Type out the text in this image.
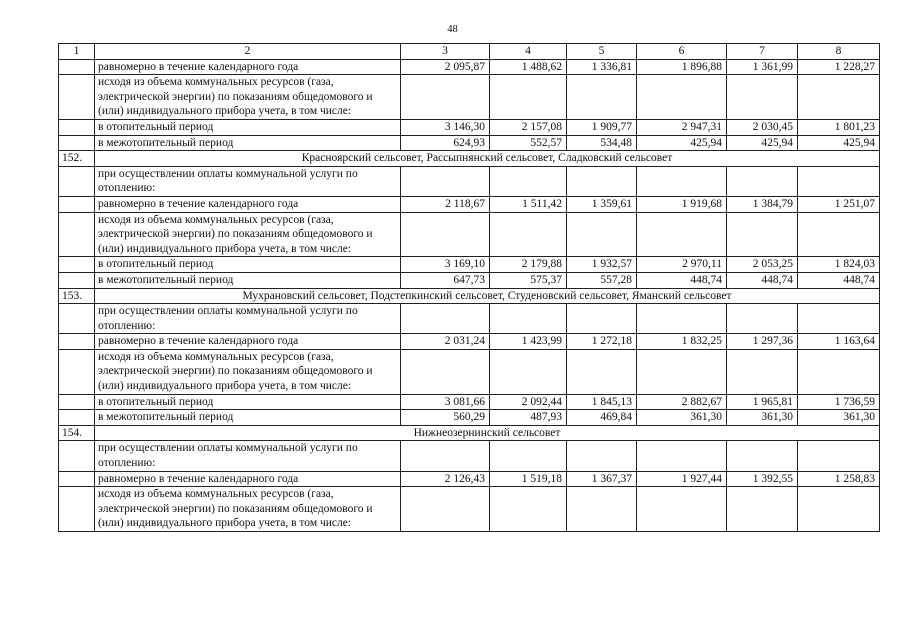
48
1	2	3	4	5	6	7	8
	равномерно в течение календарного года	2 095,87	1 488,62	1 336,81	1 896,88	1 361,99	1 228,27
	исходя из объема коммунальных ресурсов (газа, электрической энергии) по показаниям общедомового и (или) индивидуального прибора учета, в том числе:						
	в отопительный период	3 146,30	2 157,08	1 909,77	2 947,31	2 030,45	1 801,23
	в межотопительный период	624,93	552,57	534,48	425,94	425,94	425,94
152.	Красноярский сельсовет, Рассыпнянский сельсовет, Сладковский сельсовет						
	при осуществлении оплаты коммунальной услуги по отоплению:						
	равномерно в течение календарного года	2 118,67	1 511,42	1 359,61	1 919,68	1 384,79	1 251,07
	исходя из объема коммунальных ресурсов (газа, электрической энергии) по показаниям общедомового и (или) индивидуального прибора учета, в том числе:						
	в отопительный период	3 169,10	2 179,88	1 932,57	2 970,11	2 053,25	1 824,03
	в межотопительный период	647,73	575,37	557,28	448,74	448,74	448,74
153.	Мухрановский сельсовет, Подстепкинский сельсовет, Студеновский сельсовет, Яманский сельсовет						
	при осуществлении оплаты коммунальной услуги по отоплению:						
	равномерно в течение календарного года	2 031,24	1 423,99	1 272,18	1 832,25	1 297,36	1 163,64
	исходя из объема коммунальных ресурсов (газа, электрической энергии) по показаниям общедомового и (или) индивидуального прибора учета, в том числе:						
	в отопительный период	3 081,66	2 092,44	1 845,13	2 882,67	1 965,81	1 736,59
	в межотопительный период	560,29	487,93	469,84	361,30	361,30	361,30
154.	Нижнеозернинский сельсовет						
	при осуществлении оплаты коммунальной услуги по отоплению:						
	равномерно в течение календарного года	2 126,43	1 519,18	1 367,37	1 927,44	1 392,55	1 258,83
	исходя из объема коммунальных ресурсов (газа, электрической энергии) по показаниям общедомового и (или) индивидуального прибора учета, в том числе:						
